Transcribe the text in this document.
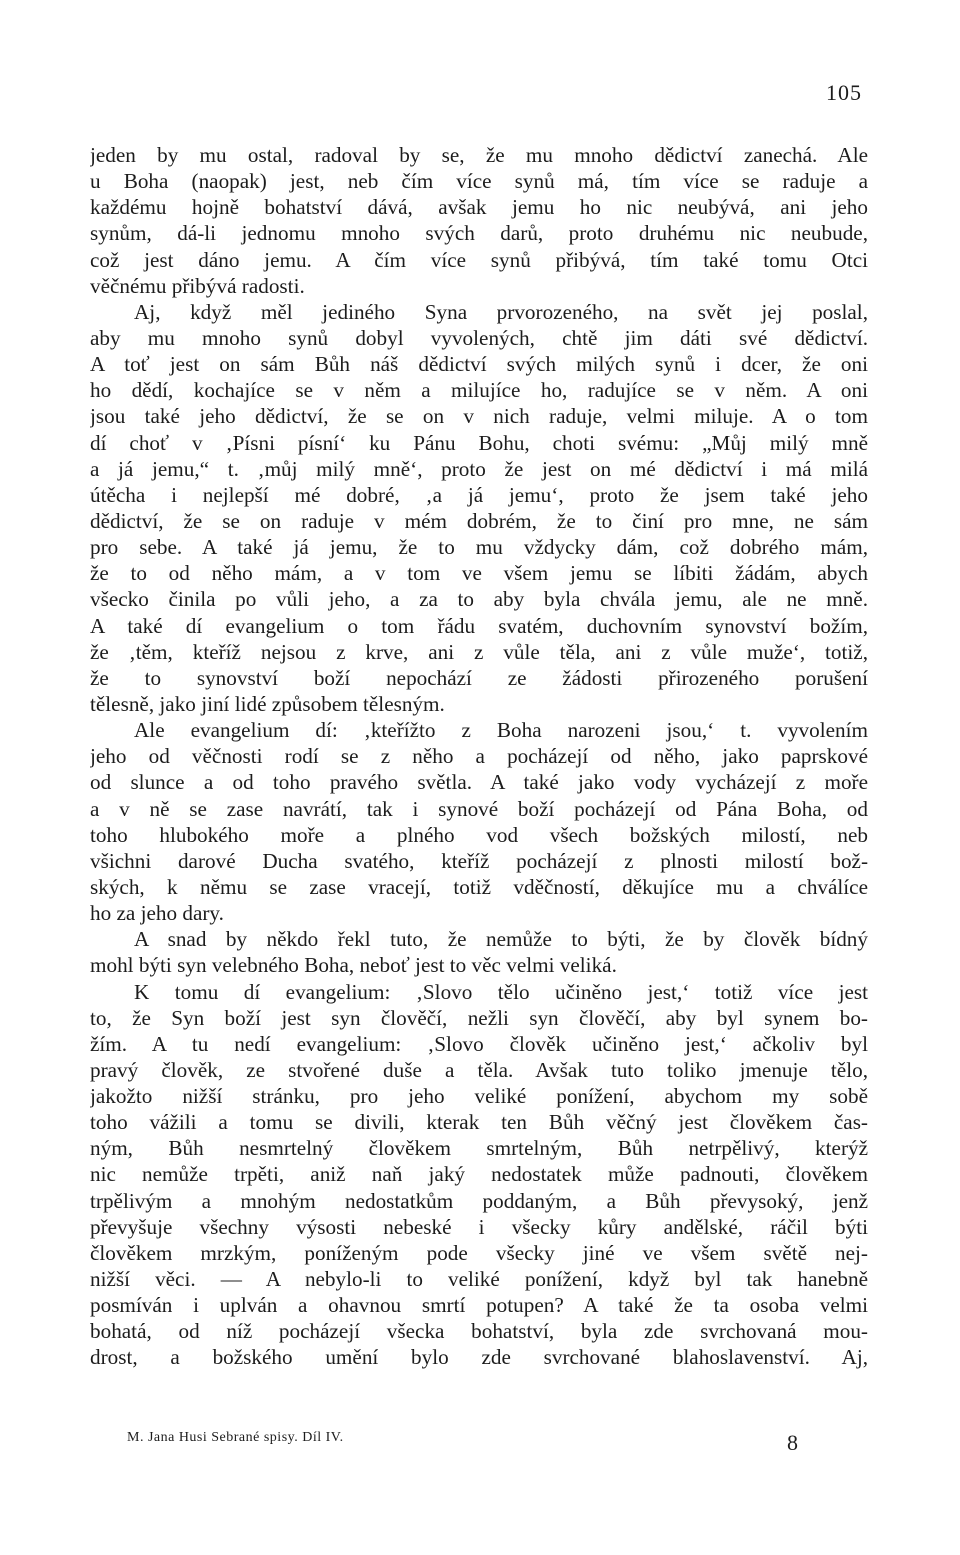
105
jeden by mu ostal, radoval by se, že mu mnoho dědictví zanechá. Ale
u Boha (naopak) jest, neb čím více synů má, tím více se raduje a
každému hojně bohatství dává, avšak jemu ho nic neubývá, ani jeho
synům, dá-li jednomu mnoho svých darů, proto druhému nic neubude,
což jest dáno jemu. A čím více synů přibývá, tím také tomu Otci
věčnému přibývá radosti.
Aj, když měl jediného Syna prvorozeného, na svět jej poslal,
aby mu mnoho synů dobyl vyvolených, chtě jim dáti své dědictví.
A toť jest on sám Bůh náš dědictví svých milých synů i dcer, že oni
ho dědí, kochajíce se v něm a milujíce ho, radujíce se v něm. A oni
jsou také jeho dědictví, že se on v nich raduje, velmi miluje. A o tom
dí choť v ‚Písni písní‘ ku Pánu Bohu, choti svému: „Můj milý mně
a já jemu,“ t. ‚můj milý mně‘, proto že jest on mé dědictví i má milá
útěcha i nejlepší mé dobré, ‚a já jemu‘, proto že jsem také jeho
dědictví, že se on raduje v mém dobrém, že to činí pro mne, ne sám
pro sebe. A také já jemu, že to mu vždycky dám, což dobrého mám,
že to od něho mám, a v tom ve všem jemu se líbiti žádám, abych
všecko činila po vůli jeho, a za to aby byla chvála jemu, ale ne mně.
A také dí evangelium o tom řádu svatém, duchovním synovství božím,
že ‚těm, kteříž nejsou z krve, ani z vůle těla, ani z vůle muže‘, totiž,
že to synovství boží nepochází ze žádosti přirozeného porušení
tělesně, jako jiní lidé způsobem tělesným.
Ale evangelium dí: ‚kteřížto z Boha narozeni jsou,‘ t. vyvolením
jeho od věčnosti rodí se z něho a pocházejí od něho, jako paprskové
od slunce a od toho pravého světla. A také jako vody vycházejí z moře
a v ně se zase navrátí, tak i synové boží pocházejí od Pána Boha, od
toho hlubokého moře a plného vod všech božských milostí, neb
všichni darové Ducha svatého, kteříž pocházejí z plnosti milostí bož-
ských, k němu se zase vracejí, totiž vděčností, děkujíce mu a chválíce
ho za jeho dary.
A snad by někdo řekl tuto, že nemůže to býti, že by člověk bídný
mohl býti syn velebného Boha, neboť jest to věc velmi veliká.
K tomu dí evangelium: ‚Slovo tělo učiněno jest,‘ totiž více jest
to, že Syn boží jest syn člověčí, nežli syn člověčí, aby byl synem bo-
žím. A tu nedí evangelium: ‚Slovo člověk učiněno jest,‘ ačkoliv byl
pravý člověk, ze stvořené duše a těla. Avšak tuto toliko jmenuje tělo,
jakožto nižší stránku, pro jeho veliké ponížení, abychom my sobě
toho vážili a tomu se divili, kterak ten Bůh věčný jest člověkem čas-
ným, Bůh nesmrtelný člověkem smrtelným, Bůh netrpělivý, kterýž
nic nemůže trpěti, aniž naň jaký nedostatek může padnouti, člověkem
trpělivým a mnohým nedostatkům poddaným, a Bůh převysoký, jenž
převyšuje všechny výsosti nebeské i všecky kůry andělské, ráčil býti
člověkem mrzkým, poníženým pode všecky jiné ve všem světě nej-
nižší věci. — A nebylo-li to veliké ponížení, když byl tak hanebně
posmíván i uplván a ohavnou smrtí potupen? A také že ta osoba velmi
bohatá, od níž pocházejí všecka bohatství, byla zde svrchovaná mou-
drost, a božského umění bylo zde svrchované blahoslavenství. Aj,
M. Jana Husi Sebrané spisy. Díl IV.	8
